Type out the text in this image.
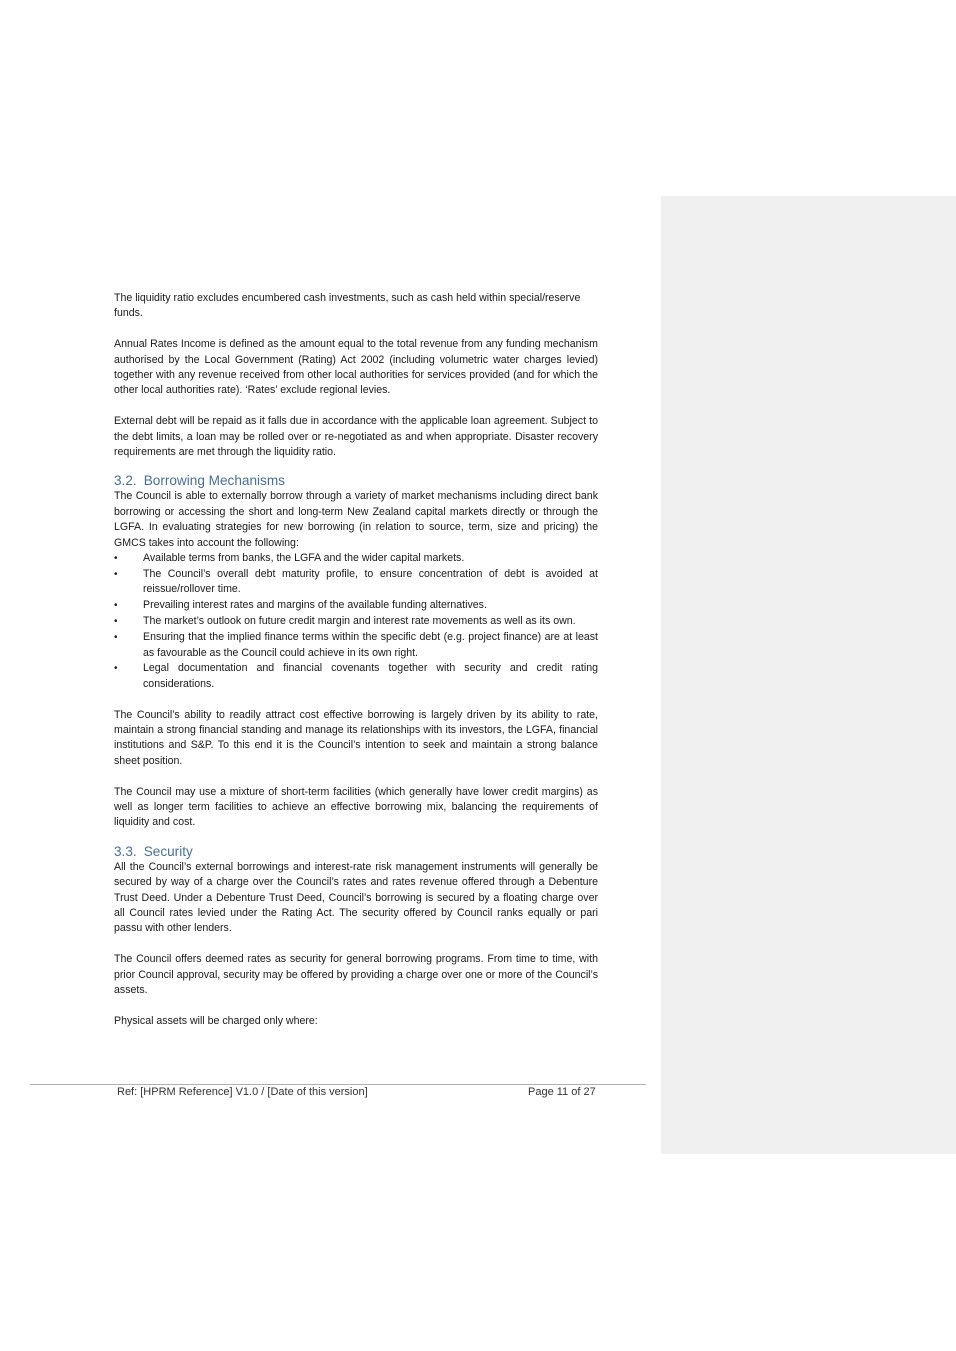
The liquidity ratio excludes encumbered cash investments, such as cash held within special/reserve funds.

Annual Rates Income is defined as the amount equal to the total revenue from any funding mechanism authorised by the Local Government (Rating) Act 2002 (including volumetric water charges levied) together with any revenue received from other local authorities for services provided (and for which the other local authorities rate). ‘Rates’ exclude regional levies.

External debt will be repaid as it falls due in accordance with the applicable loan agreement. Subject to the debt limits, a loan may be rolled over or re-negotiated as and when appropriate. Disaster recovery requirements are met through the liquidity ratio.

3.2. Borrowing Mechanisms

The Council is able to externally borrow through a variety of market mechanisms including direct bank borrowing or accessing the short and long-term New Zealand capital markets directly or through the LGFA. In evaluating strategies for new borrowing (in relation to source, term, size and pricing) the GMCS takes into account the following:

• Available terms from banks, the LGFA and the wider capital markets.
• The Council’s overall debt maturity profile, to ensure concentration of debt is avoided at reissue/rollover time.
• Prevailing interest rates and margins of the available funding alternatives.
• The market’s outlook on future credit margin and interest rate movements as well as its own.
• Ensuring that the implied finance terms within the specific debt (e.g. project finance) are at least as favourable as the Council could achieve in its own right.
• Legal documentation and financial covenants together with security and credit rating considerations.

The Council’s ability to readily attract cost effective borrowing is largely driven by its ability to rate, maintain a strong financial standing and manage its relationships with its investors, the LGFA, financial institutions and S&P. To this end it is the Council’s intention to seek and maintain a strong balance sheet position.

The Council may use a mixture of short-term facilities (which generally have lower credit margins) as well as longer term facilities to achieve an effective borrowing mix, balancing the requirements of liquidity and cost.

3.3. Security

All the Council’s external borrowings and interest-rate risk management instruments will generally be secured by way of a charge over the Council’s rates and rates revenue offered through a Debenture Trust Deed. Under a Debenture Trust Deed, Council’s borrowing is secured by a floating charge over all Council rates levied under the Rating Act. The security offered by Council ranks equally or pari passu with other lenders.

The Council offers deemed rates as security for general borrowing programs. From time to time, with prior Council approval, security may be offered by providing a charge over one or more of the Council’s assets.

Physical assets will be charged only where:

Ref: [HPRM Reference] V1.0 / [Date of this version]	Page 11 of 27
